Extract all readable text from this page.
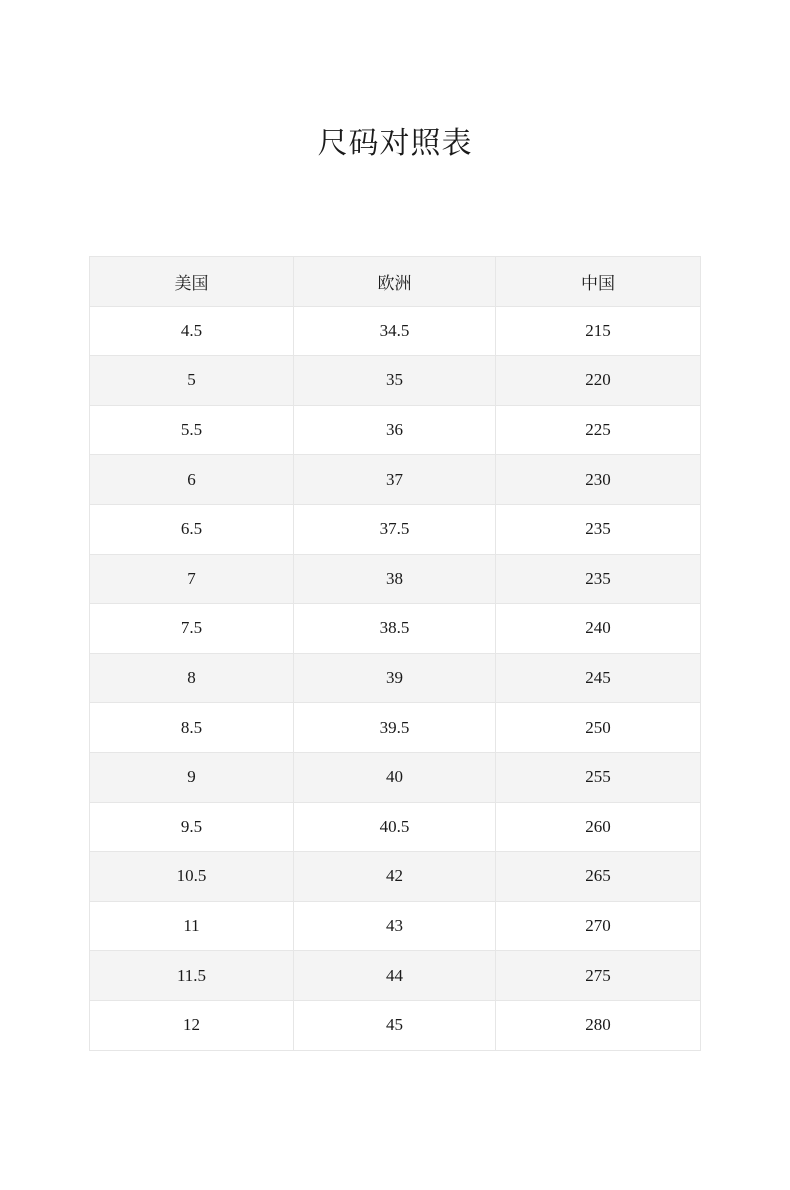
尺码对照表
美国	欧洲	中国
4.5	34.5	215
5	35	220
5.5	36	225
6	37	230
6.5	37.5	235
7	38	235
7.5	38.5	240
8	39	245
8.5	39.5	250
9	40	255
9.5	40.5	260
10.5	42	265
11	43	270
11.5	44	275
12	45	280
